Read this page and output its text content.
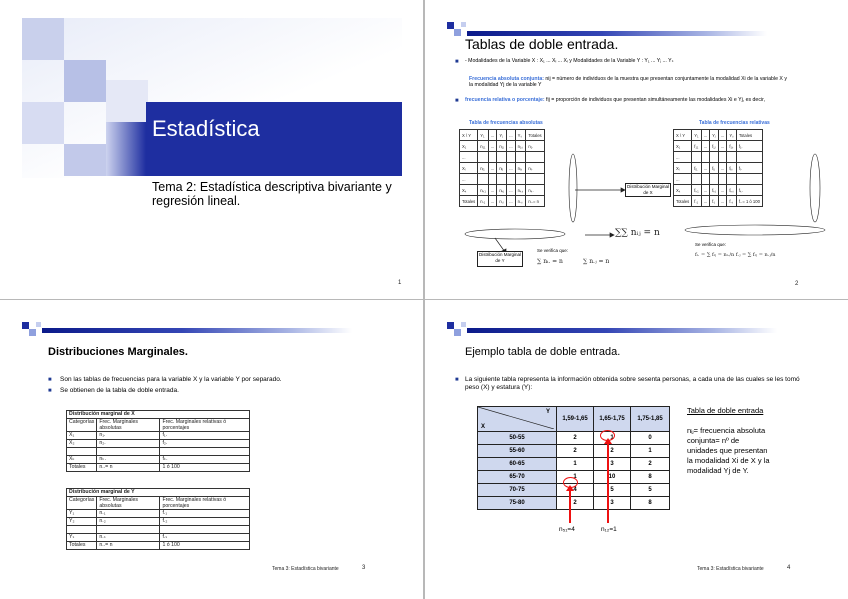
Estadística
Tema 2: Estadística descriptiva bivariante y regresión lineal.
1
Tablas de doble entrada.
■	- Modalidades de la Variable X : X₁ ... Xᵢ ... Xᵢ y Modalidades de la Variable Y : Y₁ ... Yⱼ ... Yₛ
Frecuencia absoluta conjunta: nij = número de individuos de la muestra que presentan conjuntamente la modalidad Xi de la variable X y la modalidad Yj de la variable Y
■	frecuencia relativa o porcentaje: fij = proporción de individuos que presentan simultáneamente las modalidades Xi e Yj, es decir,
Tabla de frecuencias absolutas
X \ Y	Y₁	...	Yⱼ	...	Yₛ	Totales
X₁	n₁₁	...	n₁ⱼ	...	n₁ₛ	n₁.
...						
Xᵢ	nᵢ₁	...	nᵢⱼ	...	nᵢₛ	nᵢ.
...						
Xₖ	nₖ₁	...	nₖⱼ	...	nₖₛ	nₖ.
Totales	n.₁	...	n.ⱼ	...	n.ₛ	n..= n
Tabla de frecuencias relativas
X \ Y	Y₁	...	Yⱼ	...	Yₛ	Totales
X₁	f₁₁	...	f₁ⱼ	...	f₁ₛ	f₁.
...						
Xᵢ	fᵢ₁	...	fᵢⱼ	...	fᵢₛ	fᵢ.
...						
Xₖ	fₖ₁	...	fₖⱼ	...	fₖₛ	fₖ.
Totales	f.₁	...	f.ⱼ	...	f.ₛ	f..= 1 ó 100
Distribución Marginal de X
Distribución Marginal de Y
Se verifica que:
∑∑ nᵢⱼ = n
∑ nᵢ. = n	∑ n.ⱼ = n
Se verifica que:
fᵢ. = ∑ fᵢⱼ = nᵢ./n f.ⱼ = ∑ fᵢⱼ = n.ⱼ/n
2
Distribuciones Marginales.
■	Son las tablas de frecuencias para la variable X y la variable Y por separado.
■	Se obtienen de la tabla de doble entrada.
Distribución marginal de X		
Categorías	Frec. Marginales absolutas	Frec. Marginales relativas ó porcentajes
X₁	n₁.	f₁.
X₂	n₂.	f₂.

Xₖ	nₖ.	fₖ.
Totales	n..= n	1 ó 100
Distribución marginal de Y		
Categorías	Frec. Marginales absolutas	Frec. Marginales relativas ó porcentajes
Y₁	n.₁	f.₁
Y₂	n.₂	f.₂

Yₛ	n.ₛ	f.ₛ
Totales	n..= n	1 ó 100
Tema 3: Estadística bivariante	3
Ejemplo tabla de doble entrada.
■ La siguiente tabla representa la información obtenida sobre sesenta personas, a cada una de las cuales se les tomó peso (X) y estatura (Y):
Y
X	1,59-1,65	1,65-1,75	1,75-1,85
50-55	2	1	0
55-60	2	2	1
60-65	1	3	2
65-70	1	10	8
70-75	4	5	5
75-80	2	3	8
n₅₁=4	n₁₂=1
Tabla de doble entrada
nᵢⱼ= frecuencia absoluta
conjunta= nº de
unidades que presentan
la modalidad Xi de X y la
modalidad Yj de Y.
Tema 3: Estadística bivariante	4
